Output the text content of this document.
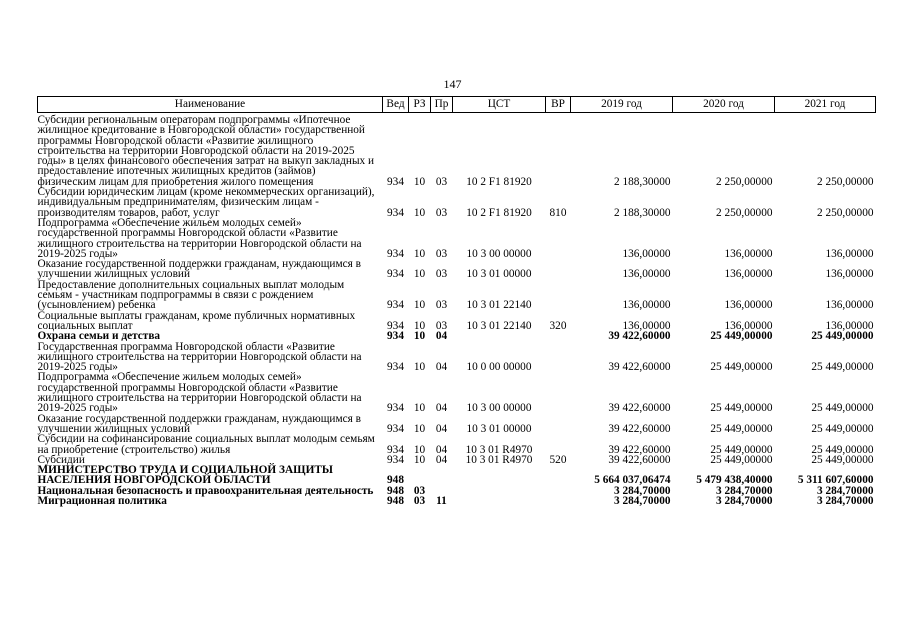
147
Наименование	Вед	РЗ	Пр	ЦСТ	ВР	2019 год	2020 год	2021 год
Субсидии региональным операторам подпрограммы «Ипотечное жилищное кредитование в Новгородской области» государственной программы Новгородской области «Развитие жилищного строительства на территории Новгородской области на 2019-2025 годы» в целях финансового обеспечения затрат на выкуп закладных и предоставление ипотечных жилищных кредитов (займов) физическим лицам для приобретения жилого помещения	934	10	03	10 2 F1 81920		2 188,30000	2 250,00000	2 250,00000
Субсидии юридическим лицам (кроме некоммерческих организаций), индивидуальным предпринимателям, физическим лицам - производителям товаров, работ, услуг	934	10	03	10 2 F1 81920	810	2 188,30000	2 250,00000	2 250,00000
Подпрограмма «Обеспечение жильем молодых семей» государственной программы Новгородской области «Развитие жилищного строительства на территории Новгородской области на 2019-2025 годы»	934	10	03	10 3 00 00000		136,00000	136,00000	136,00000
Оказание государственной поддержки гражданам, нуждающимся в улучшении жилищных условий	934	10	03	10 3 01 00000		136,00000	136,00000	136,00000
Предоставление дополнительных социальных выплат молодым семьям - участникам подпрограммы в связи с рождением (усыновлением) ребенка	934	10	03	10 3 01 22140		136,00000	136,00000	136,00000
Социальные выплаты гражданам, кроме публичных нормативных социальных выплат	934	10	03	10 3 01 22140	320	136,00000	136,00000	136,00000
Охрана семьи и детства	934	10	04			39 422,60000	25 449,00000	25 449,00000
Государственная программа Новгородской области «Развитие жилищного строительства на территории Новгородской области на 2019-2025 годы»	934	10	04	10 0 00 00000		39 422,60000	25 449,00000	25 449,00000
Подпрограмма «Обеспечение жильем молодых семей» государственной программы Новгородской области «Развитие жилищного строительства на территории Новгородской области на 2019-2025 годы»	934	10	04	10 3 00 00000		39 422,60000	25 449,00000	25 449,00000
Оказание государственной поддержки гражданам, нуждающимся в улучшении жилищных условий	934	10	04	10 3 01 00000		39 422,60000	25 449,00000	25 449,00000
Субсидии на софинансирование социальных выплат молодым семьям на приобретение (строительство) жилья	934	10	04	10 3 01 R4970		39 422,60000	25 449,00000	25 449,00000
Субсидии	934	10	04	10 3 01 R4970	520	39 422,60000	25 449,00000	25 449,00000
МИНИСТЕРСТВО ТРУДА И СОЦИАЛЬНОЙ ЗАЩИТЫ НАСЕЛЕНИЯ НОВГОРОДСКОЙ ОБЛАСТИ	948					5 664 037,06474	5 479 438,40000	5 311 607,60000
Национальная безопасность и правоохранительная деятельность	948	03				3 284,70000	3 284,70000	3 284,70000
Миграционная политика	948	03	11			3 284,70000	3 284,70000	3 284,70000
